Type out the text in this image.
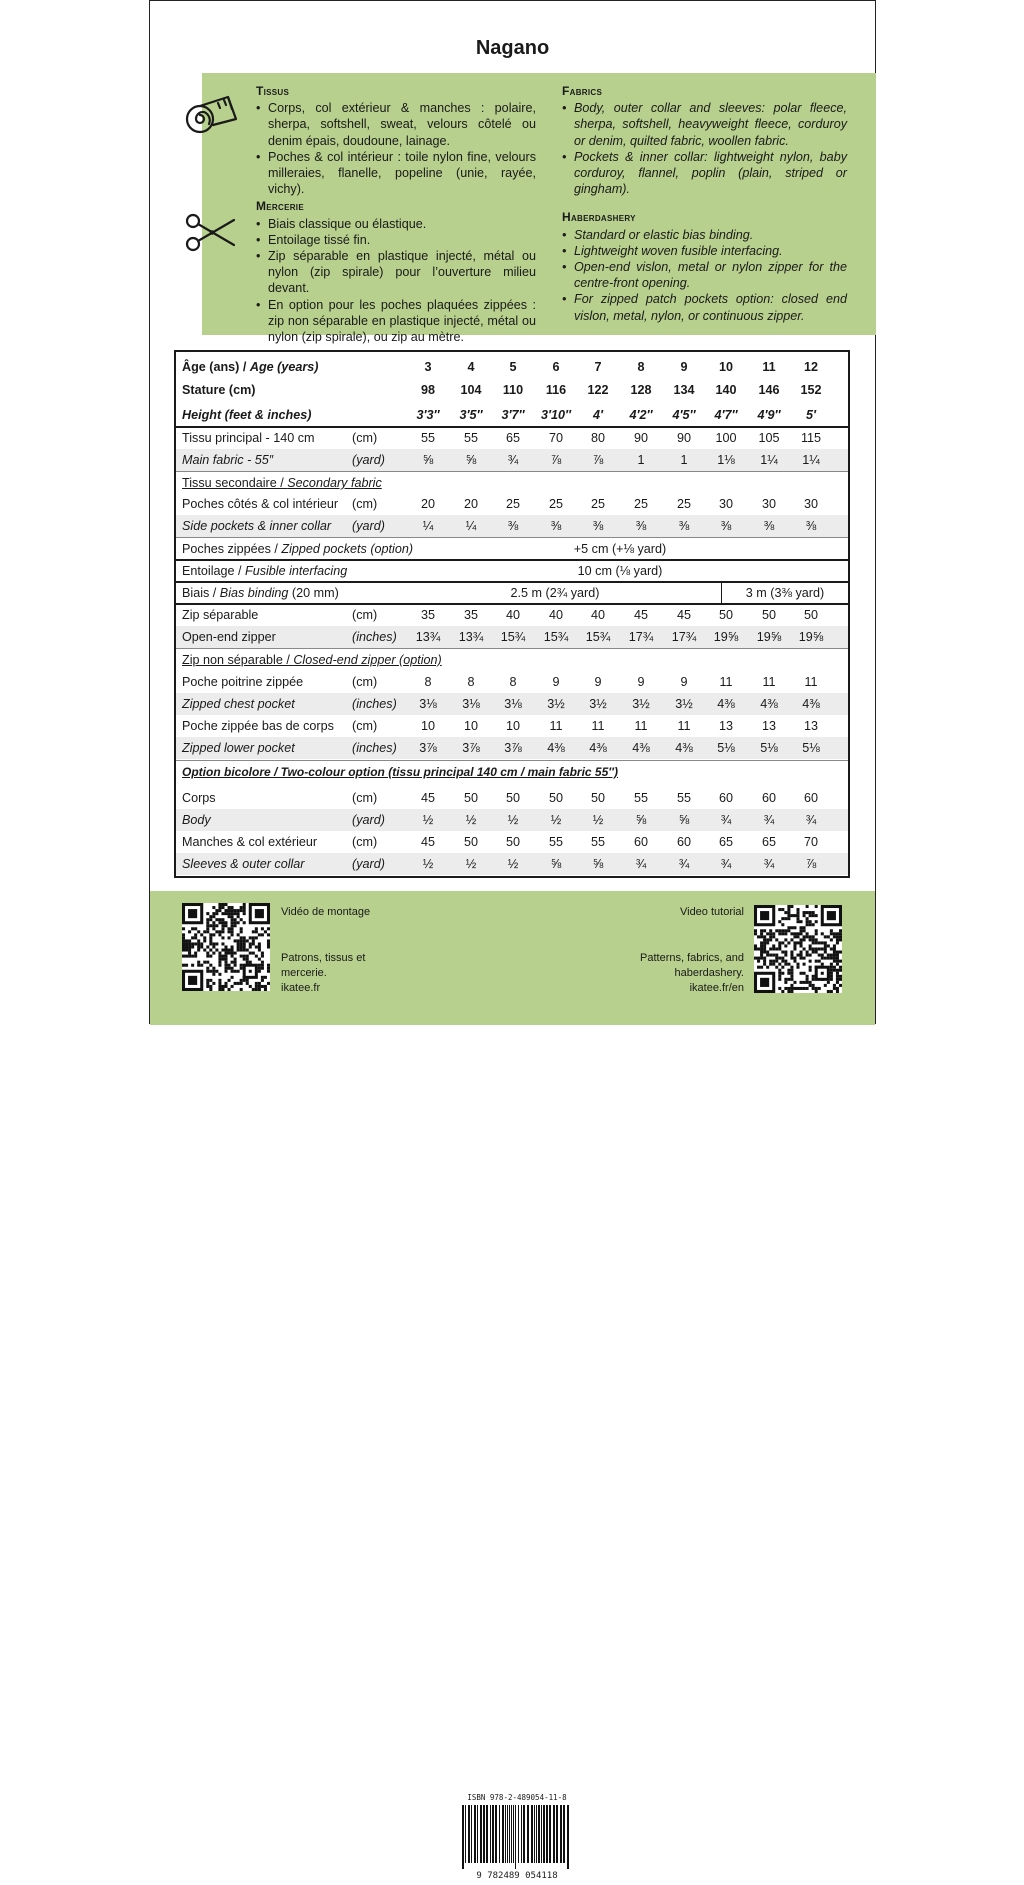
Nagano
Tissus
• Corps, col extérieur & manches : polaire, sherpa, softshell, sweat, velours côtelé ou denim épais, doudoune, lainage.
• Poches & col intérieur : toile nylon fine, velours milleraies, flanelle, popeline (unie, rayée, vichy).
Mercerie
• Biais classique ou élastique.
• Entoilage tissé fin.
• Zip séparable en plastique injecté, métal ou nylon (zip spirale) pour l’ouverture milieu devant.
• En option pour les poches plaquées zippées : zip non séparable en plastique injecté, métal ou nylon (zip spirale), ou zip au mètre.
Fabrics
• Body, outer collar and sleeves: polar fleece, sherpa, softshell, heavyweight fleece, corduroy or denim, quilted fabric, woollen fabric.
• Pockets & inner collar: lightweight nylon, baby corduroy, flannel, poplin (plain, striped or gingham).
Haberdashery
• Standard or elastic bias binding.
• Lightweight woven fusible interfacing.
• Open-end vislon, metal or nylon zipper for the centre-front opening.
• For zipped patch pockets option: closed end vislon, metal, nylon, or continuous zipper.
Âge (ans) / Age (years)	3	4	5	6	7	8	9	10	11	12
Stature (cm)	98	104	110	116	122	128	134	140	146	152
Height (feet & inches)	3′3″	3′5″	3′7″	3′10″	4′	4′2″	4′5″	4′7″	4′9″	5′
Tissu principal - 140 cm	(cm)	55	55	65	70	80	90	90	100	105	115
Main fabric - 55″	(yard)	⅝	⅝	¾	⅞	⅞	1	1	1⅛	1¼	1¼
Tissu secondaire / Secondary fabric
Poches côtés & col intérieur (cm)	20	20	25	25	25	25	25	30	30	30
Side pockets & inner collar (yard)	¼	¼	⅜	⅜	⅜	⅜	⅜	⅜	⅜	⅜
Poches zippées / Zipped pockets (option)	+5 cm (+⅛ yard)
Entoilage / Fusible interfacing	10 cm (⅛ yard)
Biais / Bias binding (20 mm)	2.5 m (2¾ yard)	3 m (3⅜ yard)
Zip séparable	(cm)	35	35	40	40	40	45	45	50	50	50
Open-end zipper	(inches)	13¾	13¾	15¾	15¾	15¾	17¾	17¾	19⅝	19⅝	19⅝
Zip non séparable / Closed-end zipper (option)
Poche poitrine zippée	(cm)	8	8	8	9	9	9	9	11	11	11
Zipped chest pocket	(inches)	3⅛	3⅛	3⅛	3½	3½	3½	3½	4⅜	4⅜	4⅜
Poche zippée bas de corps (cm)	10	10	10	11	11	11	11	13	13	13
Zipped lower pocket	(inches)	3⅞	3⅞	3⅞	4⅜	4⅜	4⅜	4⅜	5⅛	5⅛	5⅛
Option bicolore / Two-colour option (tissu principal 140 cm / main fabric 55″)
Corps	(cm)	45	50	50	50	50	55	55	60	60	60
Body	(yard)	½	½	½	½	½	⅝	⅝	¾	¾	¾
Manches & col extérieur	(cm)	45	50	50	55	55	60	60	65	65	70
Sleeves & outer collar	(yard)	½	½	½	⅝	⅝	¾	¾	¾	¾	⅞
Vidéo de montage
Patrons, tissus et
mercerie.
ikatee.fr
ISBN 978-2-489054-11-8
9 782489 054118
Video tutorial
Patterns, fabrics, and
haberdashery.
ikatee.fr/en
